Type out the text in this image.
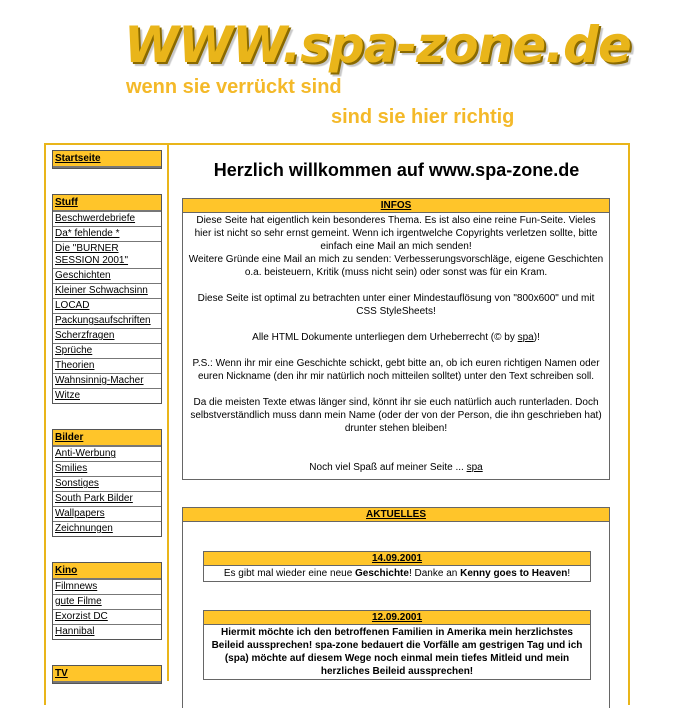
WWW.spa-zone.de
wenn sie verrückt sind
sind sie hier richtig
Startseite
Stuff
Beschwerdebriefe
Da* fehlende *
Die "BURNER SESSION 2001"
Geschichten
Kleiner Schwachsinn
LOCAD
Packungsaufschriften
Scherzfragen
Sprüche
Theorien
Wahnsinnig-Macher
Witze
Bilder
Anti-Werbung
Smilies
Sonstiges
South Park Bilder
Wallpapers
Zeichnungen
Kino
Filmnews
gute Filme
Exorzist DC
Hannibal
TV
Herzlich willkommen auf www.spa-zone.de
INFOS

Diese Seite hat eigentlich kein besonderes Thema. Es ist also eine reine Fun-Seite. Vieles hier ist nicht so sehr ernst gemeint. Wenn ich irgentwelche Copyrights verletzen sollte, bitte einfach eine Mail an mich senden!

Weitere Gründe eine Mail an mich zu senden: Verbesserungsvorschläge, eigene Geschichten o.a. beisteuern, Kritik (muss nicht sein) oder sonst was für ein Kram.

Diese Seite ist optimal zu betrachten unter einer Mindestauflösung von "800x600" und mit CSS StyleSheets!

Alle HTML Dokumente unterliegen dem Urheberrecht (© by spa)!

P.S.: Wenn ihr mir eine Geschichte schickt, gebt bitte an, ob ich euren richtigen Namen oder euren Nickname (den ihr mir natürlich noch mitteilen solltet) unter den Text schreiben soll.

Da die meisten Texte etwas länger sind, könnt ihr sie euch natürlich auch runterladen. Doch selbstverständlich muss dann mein Name (oder der von der Person, die ihn geschrieben hat) drunter stehen bleiben!

Noch viel Spaß auf meiner Seite ... spa

AKTUELLES
14.09.2001
Es gibt mal wieder eine neue Geschichte! Danke an Kenny goes to Heaven!
12.09.2001
Hiermit möchte ich den betroffenen Familien in Amerika mein herzlichstes Beileid aussprechen! spa-zone bedauert die Vorfälle am gestrigen Tag und ich (spa) möchte auf diesem Wege noch einmal mein tiefes Mitleid und mein herzliches Beileid aussprechen!
